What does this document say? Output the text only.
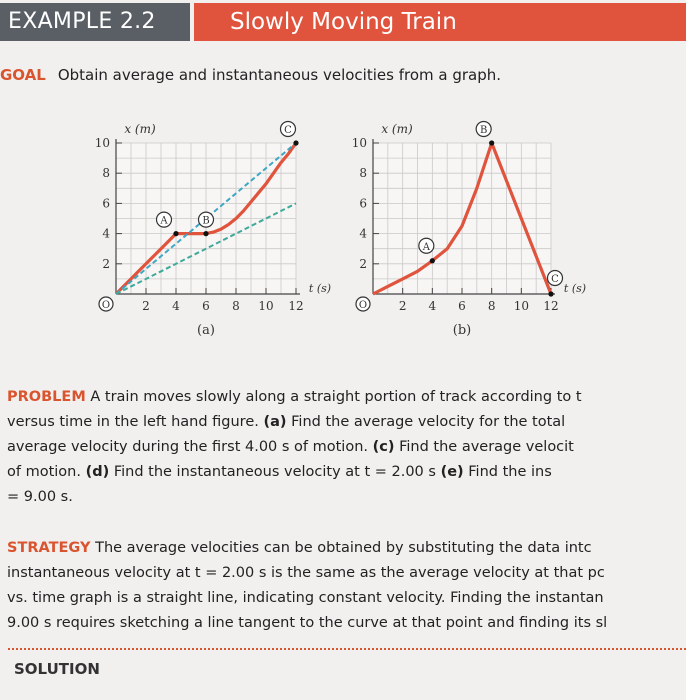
EXAMPLE 2.2	Slowly Moving Train
GOAL Obtain average and instantaneous velocities from a graph.
2 4 6 8 10 12
2
4
6
8
10
x (m)
t (s)
(a)
O
A	B
C
2 4 6 8 10 12
2
4
6
8
10
x (m)
t (s)
(b)
O
A
B
C
PROBLEM A train moves slowly along a straight portion of track according to t
versus time in the left hand figure. (a) Find the average velocity for the total
average velocity during the first 4.00 s of motion. (c) Find the average velocit
of motion. (d) Find the instantaneous velocity at t = 2.00 s (e) Find the ins
= 9.00 s.
STRATEGY The average velocities can be obtained by substituting the data intc
instantaneous velocity at t = 2.00 s is the same as the average velocity at that pc
vs. time graph is a straight line, indicating constant velocity. Finding the instantan
9.00 s requires sketching a line tangent to the curve at that point and finding its sl
SOLUTION
